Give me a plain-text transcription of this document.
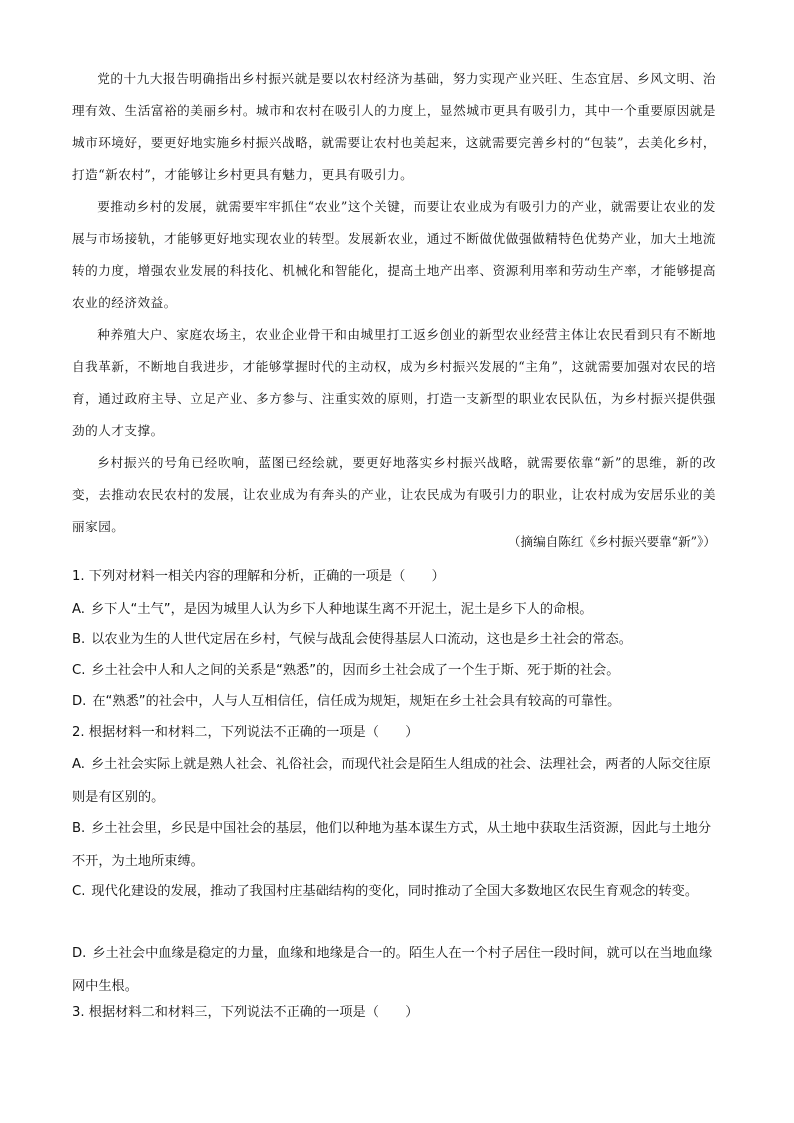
党的十九大报告明确指出乡村振兴就是要以农村经济为基础，努力实现产业兴旺、生态宜居、乡风文明、治理有效、生活富裕的美丽乡村。城市和农村在吸引人的力度上，显然城市更具有吸引力，其中一个重要原因就是城市环境好，要更好地实施乡村振兴战略，就需要让农村也美起来，这就需要完善乡村的“包装”，去美化乡村，打造“新农村”，才能够让乡村更具有魅力，更具有吸引力。

要推动乡村的发展，就需要牢牢抓住“农业”这个关键，而要让农业成为有吸引力的产业，就需要让农业的发展与市场接轨，才能够更好地实现农业的转型。发展新农业，通过不断做优做强做精特色优势产业，加大土地流转的力度，增强农业发展的科技化、机械化和智能化，提高土地产出率、资源利用率和劳动生产率，才能够提高农业的经济效益。

种养殖大户、家庭农场主，农业企业骨干和由城里打工返乡创业的新型农业经营主体让农民看到只有不断地自我革新，不断地自我进步，才能够掌握时代的主动权，成为乡村振兴发展的“主角”，这就需要加强对农民的培育，通过政府主导、立足产业、多方参与、注重实效的原则，打造一支新型的职业农民队伍，为乡村振兴提供强劲的人才支撑。

乡村振兴的号角已经吹响，蓝图已经绘就，要更好地落实乡村振兴战略，就需要依靠“新”的思维，新的改变，去推动农民农村的发展，让农业成为有奔头的产业，让农民成为有吸引力的职业，让农村成为安居乐业的美丽家园。

（摘编自陈红《乡村振兴要靠“新”》）

1. 下列对材料一相关内容的理解和分析，正确的一项是（　　）

A. 乡下人“土气”，是因为城里人认为乡下人种地谋生离不开泥土，泥土是乡下人的命根。

B. 以农业为生的人世代定居在乡村，气候与战乱会使得基层人口流动，这也是乡土社会的常态。

C. 乡土社会中人和人之间的关系是“熟悉”的，因而乡土社会成了一个生于斯、死于斯的社会。

D. 在“熟悉”的社会中，人与人互相信任，信任成为规矩，规矩在乡土社会具有较高的可靠性。

2. 根据材料一和材料二，下列说法不正确的一项是（　　）

A. 乡土社会实际上就是熟人社会、礼俗社会，而现代社会是陌生人组成的社会、法理社会，两者的人际交往原则是有区别的。

B. 乡土社会里，乡民是中国社会的基层，他们以种地为基本谋生方式，从土地中获取生活资源，因此与土地分不开，为土地所束缚。

C. 现代化建设的发展，推动了我国村庄基础结构的变化，同时推动了全国大多数地区农民生育观念的转变。

D. 乡土社会中血缘是稳定的力量，血缘和地缘是合一的。陌生人在一个村子居住一段时间，就可以在当地血缘网中生根。

3. 根据材料二和材料三，下列说法不正确的一项是（　　）
